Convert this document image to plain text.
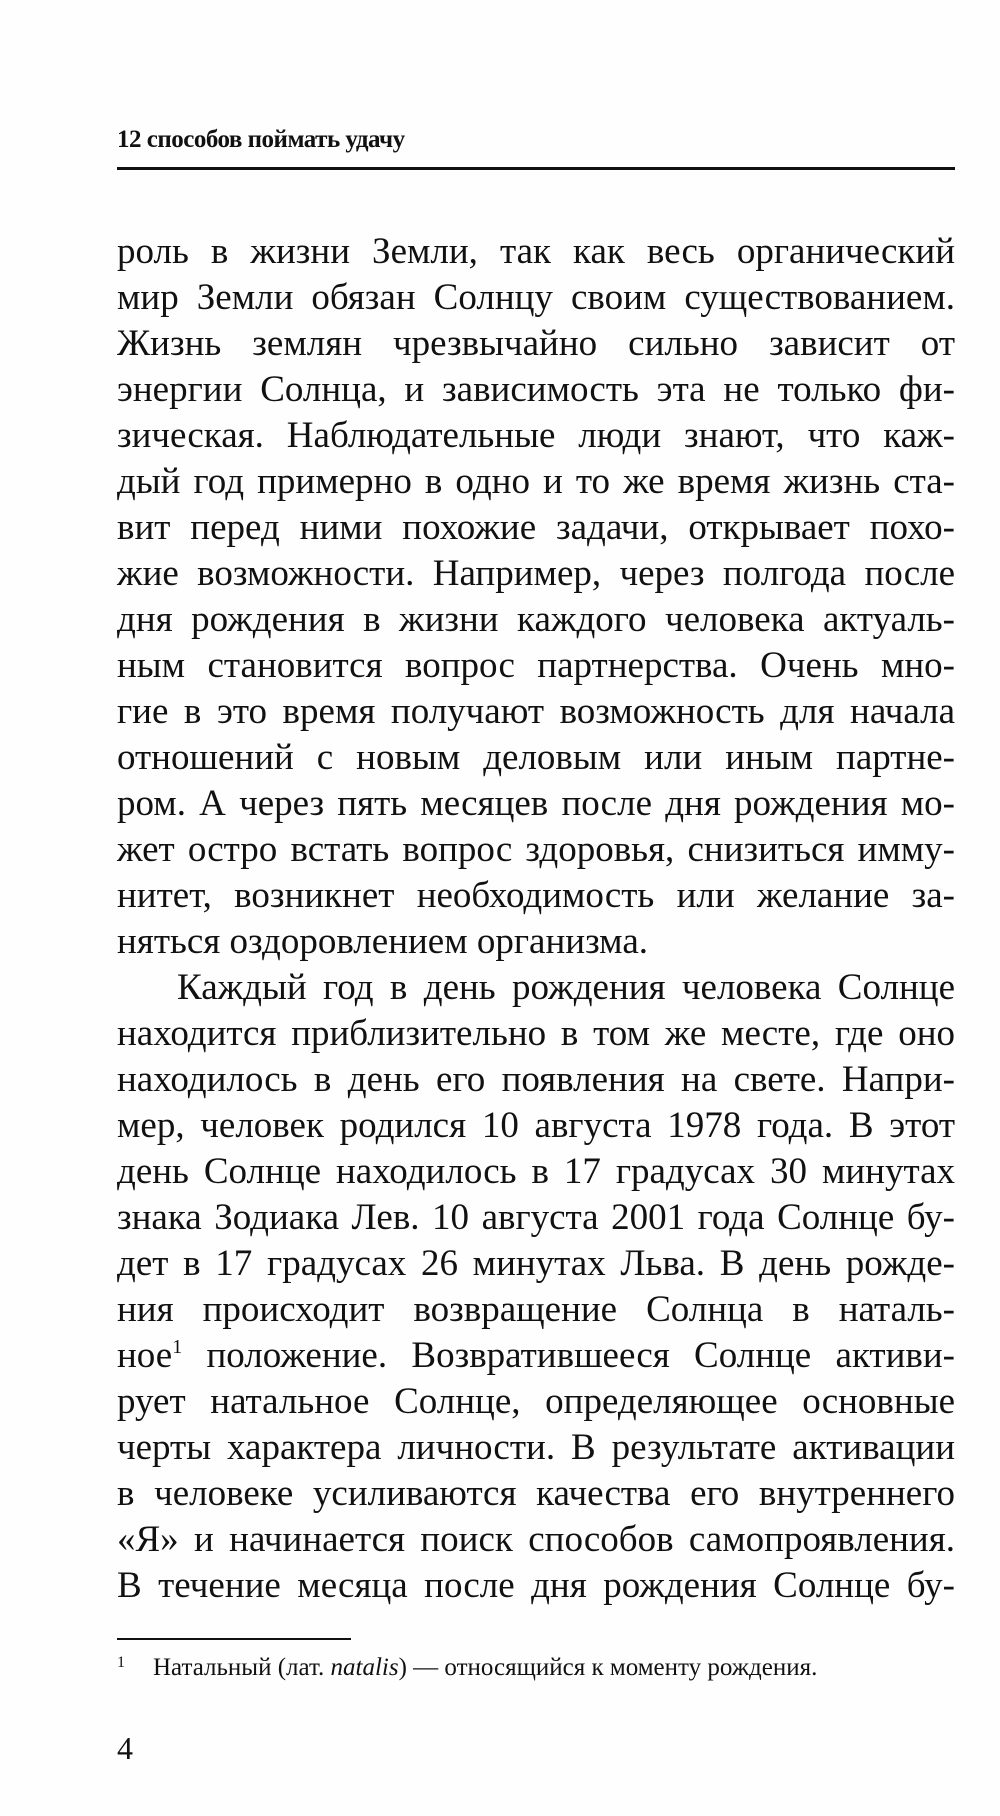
12 способов поймать удачу
роль в жизни Земли, так как весь органический
мир Земли обязан Солнцу своим существованием.
Жизнь землян чрезвычайно сильно зависит от
энергии Солнца, и зависимость эта не только фи-
зическая. Наблюдательные люди знают, что каж-
дый год примерно в одно и то же время жизнь ста-
вит перед ними похожие задачи, открывает похо-
жие возможности. Например, через полгода после
дня рождения в жизни каждого человека актуаль-
ным становится вопрос партнерства. Очень мно-
гие в это время получают возможность для начала
отношений с новым деловым или иным партне-
ром. А через пять месяцев после дня рождения мо-
жет остро встать вопрос здоровья, снизиться имму-
нитет, возникнет необходимость или желание за-
няться оздоровлением организма.
Каждый год в день рождения человека Солнце
находится приблизительно в том же месте, где оно
находилось в день его появления на свете. Напри-
мер, человек родился 10 августа 1978 года. В этот
день Солнце находилось в 17 градусах 30 минутах
знака Зодиака Лев. 10 августа 2001 года Солнце бу-
дет в 17 градусах 26 минутах Льва. В день рожде-
ния происходит возвращение Солнца в наталь-
ное$^1$ положение. Возвратившееся Солнце активи-
рует натальное Солнце, определяющее основные
черты характера личности. В результате активации
в человеке усиливаются качества его внутреннего
«Я» и начинается поиск способов самопроявления.
В течение месяца после дня рождения Солнце бу-
1 Натальный (лат. natalis) — относящийся к моменту рождения.
4
